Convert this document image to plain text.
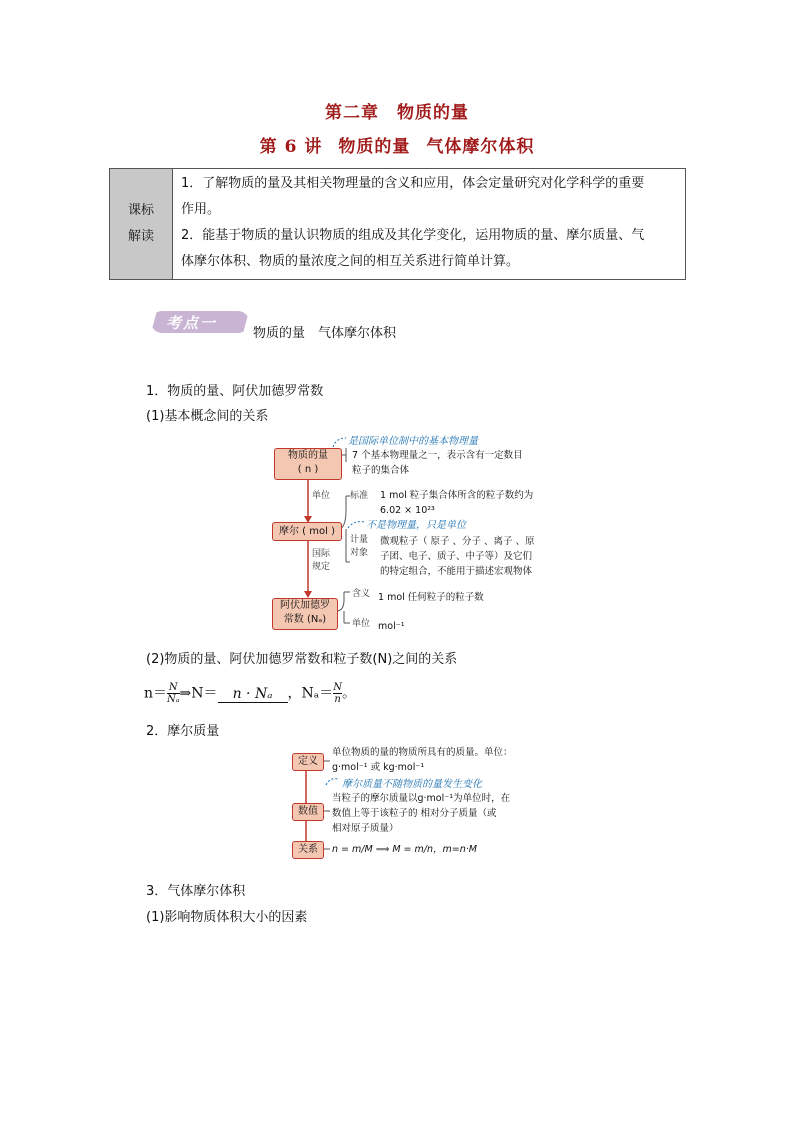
第二章　物质的量
第 6 讲 物质的量 气体摩尔体积
课标
解读
1．了解物质的量及其相关物理量的含义和应用，体会定量研究对化学科学的重要
作用。
2．能基于物质的量认识物质的组成及其化学变化，运用物质的量、摩尔质量、气
体摩尔体积、物质的量浓度之间的相互关系进行简单计算。
考点一
物质的量　气体摩尔体积
1．物质的量、阿伏加德罗常数
(1)基本概念间的关系
物质的量
( n )
是国际单位制中的基本物理量
7 个基本物理量之一，表示含有一定数目
粒子的集合体
单位 标准 1 mol 粒子集合体所含的粒子数约为
6.02 × 10²³
摩尔 ( mol )
不是物理量，只是单位
计量
对象
微观粒子（ 原子 、分子 、离子 、原
子团、电子、质子、中子等）及它们
的特定组合，不能用于描述宏观物体
国际
规定
阿伏加德罗
常数 (Nₐ)
含义 1 mol 任何粒子的粒子数
单位 mol⁻¹
(2)物质的量、阿伏加德罗常数和粒子数(N)之间的关系
$n= \frac{N}{\text{Nₐ}}$ ⇒N＝ n · Nₐ ，$N_a= \frac{N}{n}$ 。
2．摩尔质量
定义
单位物质的量的物质所具有的质量。单位：
g·mol⁻¹ 或 kg·mol⁻¹
摩尔质量不随物质的量发生变化
数值
当粒子的摩尔质量以g·mol⁻¹为单位时，在
数值上等于该粒子的 相对分子质量（或
相对原子质量）
关系	n = m/M ⟹ M = m/n，m=n·M
3．气体摩尔体积
(1)影响物质体积大小的因素
